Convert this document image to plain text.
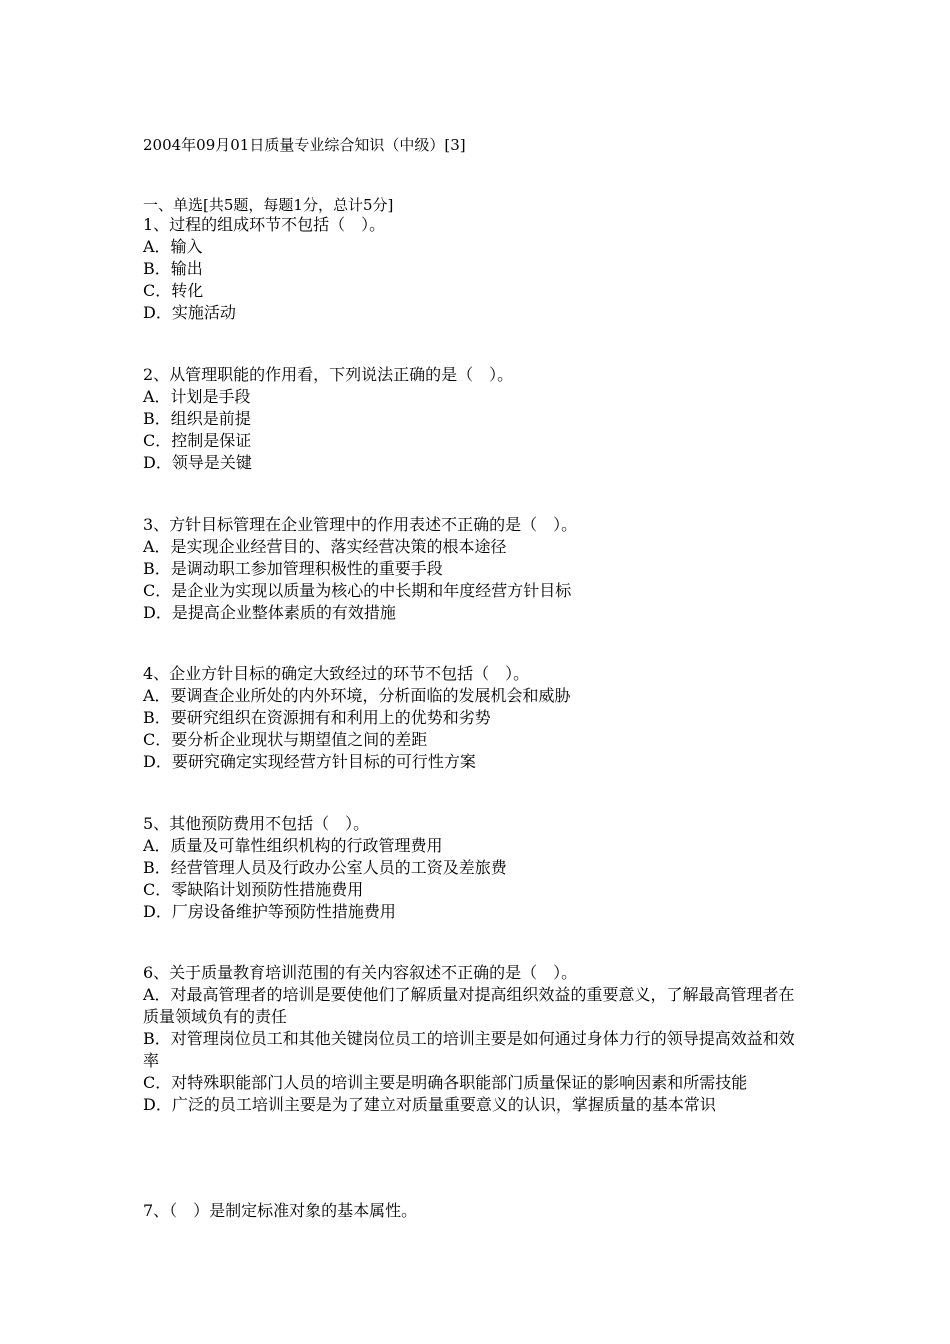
2004年09月01日质量专业综合知识（中级）[3]
一、单选[共5题，每题1分，总计5分]

1、过程的组成环节不包括（　）。

A．输入

B．输出

C．转化

D．实施活动

2、从管理职能的作用看，下列说法正确的是（　）。

A．计划是手段

B．组织是前提

C．控制是保证

D．领导是关键

3、方针目标管理在企业管理中的作用表述不正确的是（　）。

A．是实现企业经营目的、落实经营决策的根本途径

B．是调动职工参加管理积极性的重要手段

C．是企业为实现以质量为核心的中长期和年度经营方针目标

D．是提高企业整体素质的有效措施

4、企业方针目标的确定大致经过的环节不包括（　）。

A．要调查企业所处的内外环境，分析面临的发展机会和威胁

B．要研究组织在资源拥有和利用上的优势和劣势

C．要分析企业现状与期望值之间的差距

D．要研究确定实现经营方针目标的可行性方案

5、其他预防费用不包括（　）。

A．质量及可靠性组织机构的行政管理费用

B．经营管理人员及行政办公室人员的工资及差旅费

C．零缺陷计划预防性措施费用

D．厂房设备维护等预防性措施费用

6、关于质量教育培训范围的有关内容叙述不正确的是（　）。

A．对最高管理者的培训是要使他们了解质量对提高组织效益的重要意义，了解最高管理者在质量领域负有的责任

B．对管理岗位员工和其他关键岗位员工的培训主要是如何通过身体力行的领导提高效益和效率

C．对特殊职能部门人员的培训主要是明确各职能部门质量保证的影响因素和所需技能

D．广泛的员工培训主要是为了建立对质量重要意义的认识，掌握质量的基本常识

7、（　）是制定标准对象的基本属性。
